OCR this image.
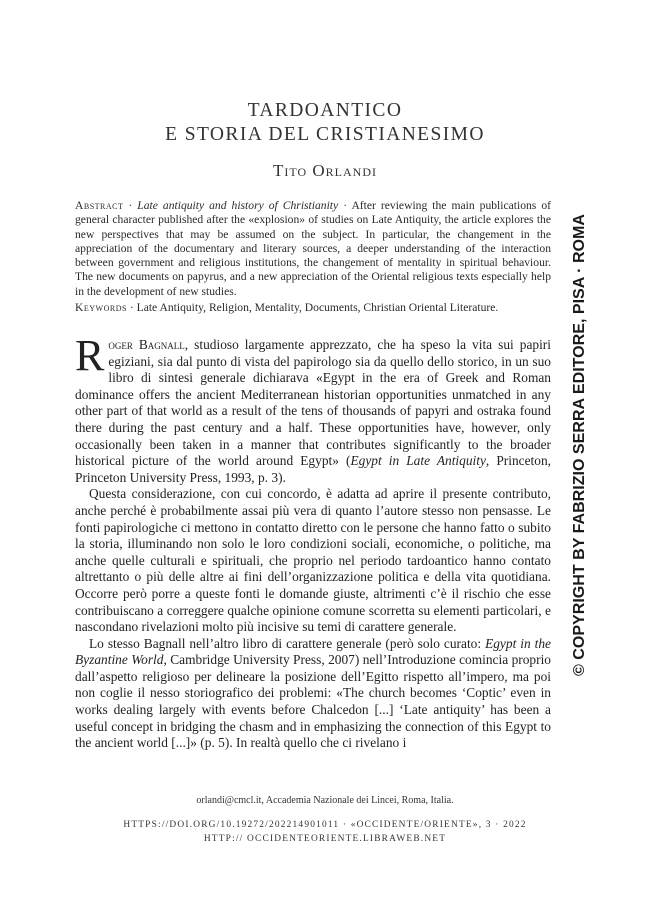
TARDOANTICO
E STORIA DEL CRISTIANESIMO
Tito Orlandi
Abstract · Late antiquity and history of Christianity · After reviewing the main publications of general character published after the «explosion» of studies on Late Antiquity, the article explores the new perspectives that may be assumed on the subject. In particular, the changement in the appreciation of the documentary and literary sources, a deeper understanding of the interaction between government and religious institutions, the changement of mentality in spiritual behaviour. The new documents on papyrus, and a new appreciation of the Oriental religious texts especially help in the development of new studies.
Keywords · Late Antiquity, Religion, Mentality, Documents, Christian Oriental Literature.

Roger Bagnall, studioso largamente apprezzato, che ha speso la vita sui papiri egiziani, sia dal punto di vista del papirologo sia da quello dello storico, in un suo libro di sintesi generale dichiarava «Egypt in the era of Greek and Roman dominance offers the ancient Mediterranean historian opportunities unmatched in any other part of that world as a result of the tens of thousands of papyri and ostraka found there during the past century and a half. These opportunities have, however, only occasionally been taken in a manner that contributes significantly to the broader historical picture of the world around Egypt» (Egypt in Late Antiquity, Princeton, Princeton University Press, 1993, p. 3).

Questa considerazione, con cui concordo, è adatta ad aprire il presente contributo, anche perché è probabilmente assai più vera di quanto l’autore stesso non pensasse. Le fonti papirologiche ci mettono in contatto diretto con le persone che hanno fatto o subito la storia, illuminando non solo le loro condizioni sociali, economiche, o politiche, ma anche quelle culturali e spirituali, che proprio nel periodo tardoantico hanno contato altrettanto o più delle altre ai fini dell’organizzazione politica e della vita quotidiana. Occorre però porre a queste fonti le domande giuste, altrimenti c’è il rischio che esse contribuiscano a correggere qualche opinione comune scorretta su elementi particolari, e nascondano rivelazioni molto più incisive su temi di carattere generale.

Lo stesso Bagnall nell’altro libro di carattere generale (però solo curato: Egypt in the Byzantine World, Cambridge University Press, 2007) nell’Introduzione comincia proprio dall’aspetto religioso per delineare la posizione dell’Egitto rispetto all’impero, ma poi non coglie il nesso storiografico dei problemi: «The church becomes ‘Coptic’ even in works dealing largely with events before Chalcedon [...] ‘Late antiquity’ has been a useful concept in bridging the chasm and in emphasizing the connection of this Egypt to the ancient world [...]» (p. 5). In realtà quello che ci rivelano i

© COPYRIGHT BY FABRIZIO SERRA EDITORE, PISA · ROMA
orlandi@cmcl.it, Accademia Nazionale dei Lincei, Roma, Italia.
HTTPS://DOI.ORG/10.19272/202214901011 · «OCCIDENTE/ORIENTE», 3 · 2022
HTTP:// OCCIDENTEORIENTE.LIBRAWEB.NET
